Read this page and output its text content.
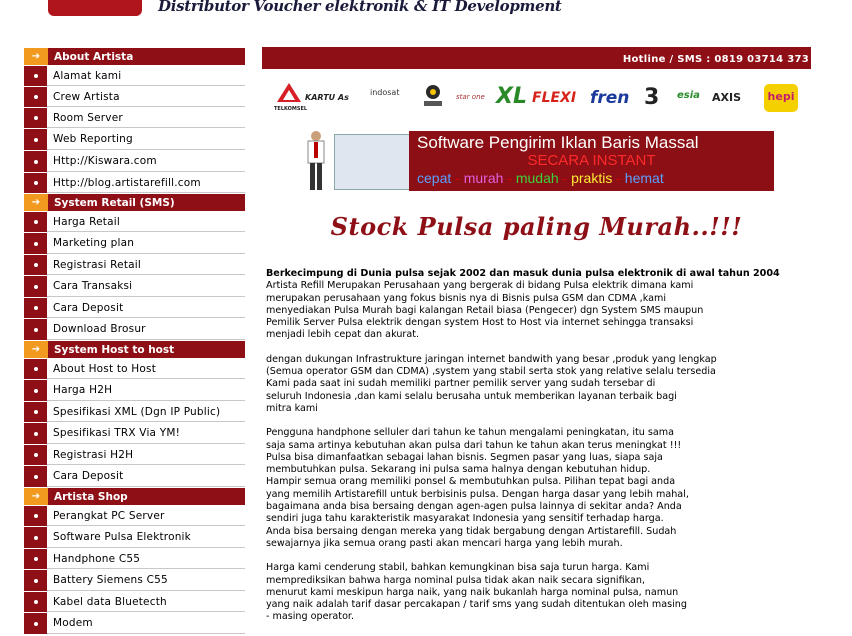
Distributor Voucher elektronik & IT Development
➔	About Artista
Alamat kami
Crew Artista
Room Server
Web Reporting
Http://Kiswara.com
Http://blog.artistarefill.com
➔	System Retail (SMS)
Harga Retail
Marketing plan
Registrasi Retail
Cara Transaksi
Cara Deposit
Download Brosur
➔	System Host to host
About Host to Host
Harga H2H
Spesifikasi XML (Dgn IP Public)
Spesifikasi TRX Via YM!
Registrasi H2H
Cara Deposit
➔	Artista Shop
Perangkat PC Server
Software Pulsa Elektronik
Handphone C55
Battery Siemens C55
Kabel data Bluetecth
Modem
Hotline / SMS : 0819 03714 373
TELKOMSEL
KARTU As
indosat	star one XL FLEXI fren 3 esia AXIS	hepi
Software Pengirim Iklan Baris Massal
SECARA INSTANT
cepat - murah - mudah - praktis - hemat
Stock Pulsa paling Murah..!!!

Berkecimpung di Dunia pulsa sejak 2002 dan masuk dunia pulsa elektronik di awal tahun 2004
Artista Refill Merupakan Perusahaan yang bergerak di bidang Pulsa elektrik dimana kami
merupakan perusahaan yang fokus bisnis nya di Bisnis pulsa GSM dan CDMA ,kami
menyediakan Pulsa Murah bagi kalangan Retail biasa (Pengecer) dgn System SMS maupun
Pemilik Server Pulsa elektrik dengan system Host to Host via internet sehingga transaksi
menjadi lebih cepat dan akurat.

dengan dukungan Infrastrukture jaringan internet bandwith yang besar ,produk yang lengkap
(Semua operator GSM dan CDMA) ,system yang stabil serta stok yang relative selalu tersedia
Kami pada saat ini sudah memiliki partner pemilik server yang sudah tersebar di
seluruh Indonesia ,dan kami selalu berusaha untuk memberikan layanan terbaik bagi
mitra kami

Pengguna handphone selluler dari tahun ke tahun mengalami peningkatan, itu sama
saja sama artinya kebutuhan akan pulsa dari tahun ke tahun akan terus meningkat !!!
Pulsa bisa dimanfaatkan sebagai lahan bisnis. Segmen pasar yang luas, siapa saja
membutuhkan pulsa. Sekarang ini pulsa sama halnya dengan kebutuhan hidup.
Hampir semua orang memiliki ponsel & membutuhkan pulsa. Pilihan tepat bagi anda
yang memilih Artistarefill untuk berbisinis pulsa. Dengan harga dasar yang lebih mahal,
bagaimana anda bisa bersaing dengan agen-agen pulsa lainnya di sekitar anda? Anda
sendiri juga tahu karakteristik masyarakat Indonesia yang sensitif terhadap harga.
Anda bisa bersaing dengan mereka yang tidak bergabung dengan Artistarefill. Sudah
sewajarnya jika semua orang pasti akan mencari harga yang lebih murah.

Harga kami cenderung stabil, bahkan kemungkinan bisa saja turun harga. Kami
memprediksikan bahwa harga nominal pulsa tidak akan naik secara signifikan,
menurut kami meskipun harga naik, yang naik bukanlah harga nominal pulsa, namun
yang naik adalah tarif dasar percakapan / tarif sms yang sudah ditentukan oleh masing
- masing operator.
